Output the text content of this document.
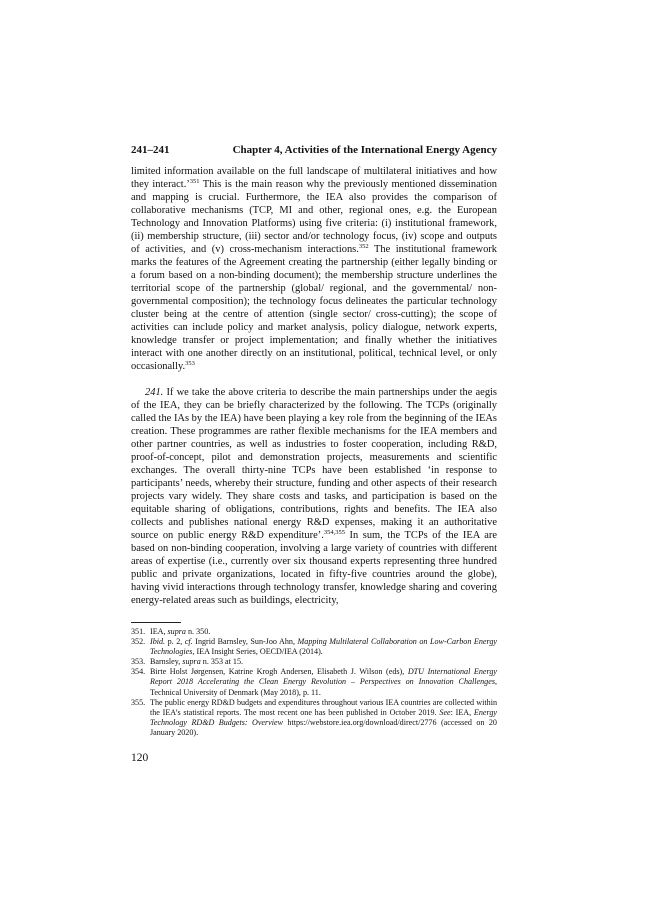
241–241	Chapter 4, Activities of the International Energy Agency

limited information available on the full landscape of multilateral initiatives and how they interact.’$^{351}$ This is the main reason why the previously mentioned dissemination and mapping is crucial. Furthermore, the IEA also provides the comparison of collaborative mechanisms (TCP, MI and other, regional ones, e.g. the European Technology and Innovation Platforms) using five criteria: (i) institutional framework, (ii) membership structure, (iii) sector and/or technology focus, (iv) scope and outputs of activities, and (v) cross-mechanism interactions.$^{352}$ The institutional framework marks the features of the Agreement creating the partnership (either legally binding or a forum based on a non-binding document); the membership structure underlines the territorial scope of the partnership (global/ regional, and the governmental/ non-governmental composition); the technology focus delineates the particular technology cluster being at the centre of attention (single sector/ cross-cutting); the scope of activities can include policy and market analysis, policy dialogue, network experts, knowledge transfer or project implementation; and finally whether the initiatives interact with one another directly on an institutional, political, technical level, or only occasionally.$^{353}$

241. If we take the above criteria to describe the main partnerships under the aegis of the IEA, they can be briefly characterized by the following. The TCPs (originally called the IAs by the IEA) have been playing a key role from the beginning of the IEAs creation. These programmes are rather flexible mechanisms for the IEA members and other partner countries, as well as industries to foster cooperation, including R&D, proof-of-concept, pilot and demonstration projects, measurements and scientific exchanges. The overall thirty-nine TCPs have been established ‘in response to participants’ needs, whereby their structure, funding and other aspects of their research projects vary widely. They share costs and tasks, and participation is based on the equitable sharing of obligations, contributions, rights and benefits. The IEA also collects and publishes national energy R&D expenses, making it an authoritative source on public energy R&D expenditure’.$^{354,355}$ In sum, the TCPs of the IEA are based on non-binding cooperation, involving a large variety of countries with different areas of expertise (i.e., currently over six thousand experts representing three hundred public and private organizations, located in fifty-five countries around the globe), having vivid interactions through technology transfer, knowledge sharing and covering energy-related areas such as buildings, electricity,

351. IEA, supra n. 350.
352. Ibid. p. 2, cf. Ingrid Barnsley, Sun-Joo Ahn, Mapping Multilateral Collaboration on Low-Carbon Energy Technologies, IEA Insight Series, OECD/IEA (2014).
353. Barnsley, supra n. 353 at 15.
354. Birte Holst Jørgensen, Katrine Krogh Andersen, Elisabeth J. Wilson (eds), DTU International Energy Report 2018 Accelerating the Clean Energy Revolution – Perspectives on Innovation Challenges, Technical University of Denmark (May 2018), p. 11.
355. The public energy RD&D budgets and expenditures throughout various IEA countries are collected within the IEA’s statistical reports. The most recent one has been published in October 2019. See: IEA, Energy Technology RD&D Budgets: Overview https://webstore.iea.org/download/direct/2776 (accessed on 20 January 2020).
120
